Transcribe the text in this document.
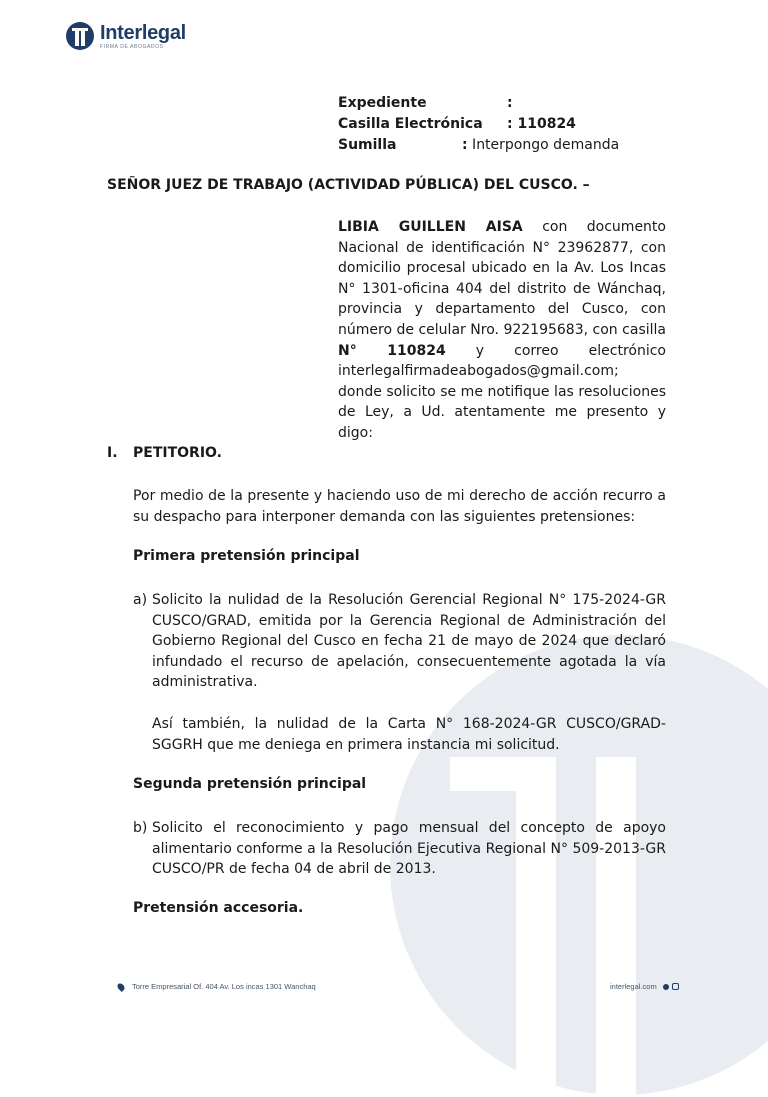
Interlegal
FIRMA DE ABOGADOS
Expediente	:
Casilla Electrónica : 110824
Sumilla	: Interpongo demanda
SEÑOR JUEZ DE TRABAJO (ACTIVIDAD PÚBLICA) DEL CUSCO. –
LIBIA GUILLEN AISA con documento Nacional de identificación N° 23962877, con domicilio procesal ubicado en la Av. Los Incas N° 1301-oficina 404 del distrito de Wánchaq, provincia y departamento del Cusco, con número de celular Nro. 922195683, con casilla N° 110824 y correo electrónico interlegalfirmadeabogados@gmail.com; donde solicito se me notifique las resoluciones de Ley, a Ud. atentamente me presento y digo:
I. PETITORIO.
Por medio de la presente y haciendo uso de mi derecho de acción recurro a su despacho para interponer demanda con las siguientes pretensiones:
Primera pretensión principal
a) Solicito la nulidad de la Resolución Gerencial Regional N° 175-2024-GR CUSCO/GRAD, emitida por la Gerencia Regional de Administración del Gobierno Regional del Cusco en fecha 21 de mayo de 2024 que declaró infundado el recurso de apelación, consecuentemente agotada la vía administrativa.
Así también, la nulidad de la Carta N° 168-2024-GR CUSCO/GRAD-SGGRH que me deniega en primera instancia mi solicitud.
Segunda pretensión principal
b) Solicito el reconocimiento y pago mensual del concepto de apoyo alimentario conforme a la Resolución Ejecutiva Regional N° 509-2013-GR CUSCO/PR de fecha 04 de abril de 2013.
Pretensión accesoria.
Torre Empresarial Of. 404 Av. Los incas 1301 Wanchaq	interlegal.com
